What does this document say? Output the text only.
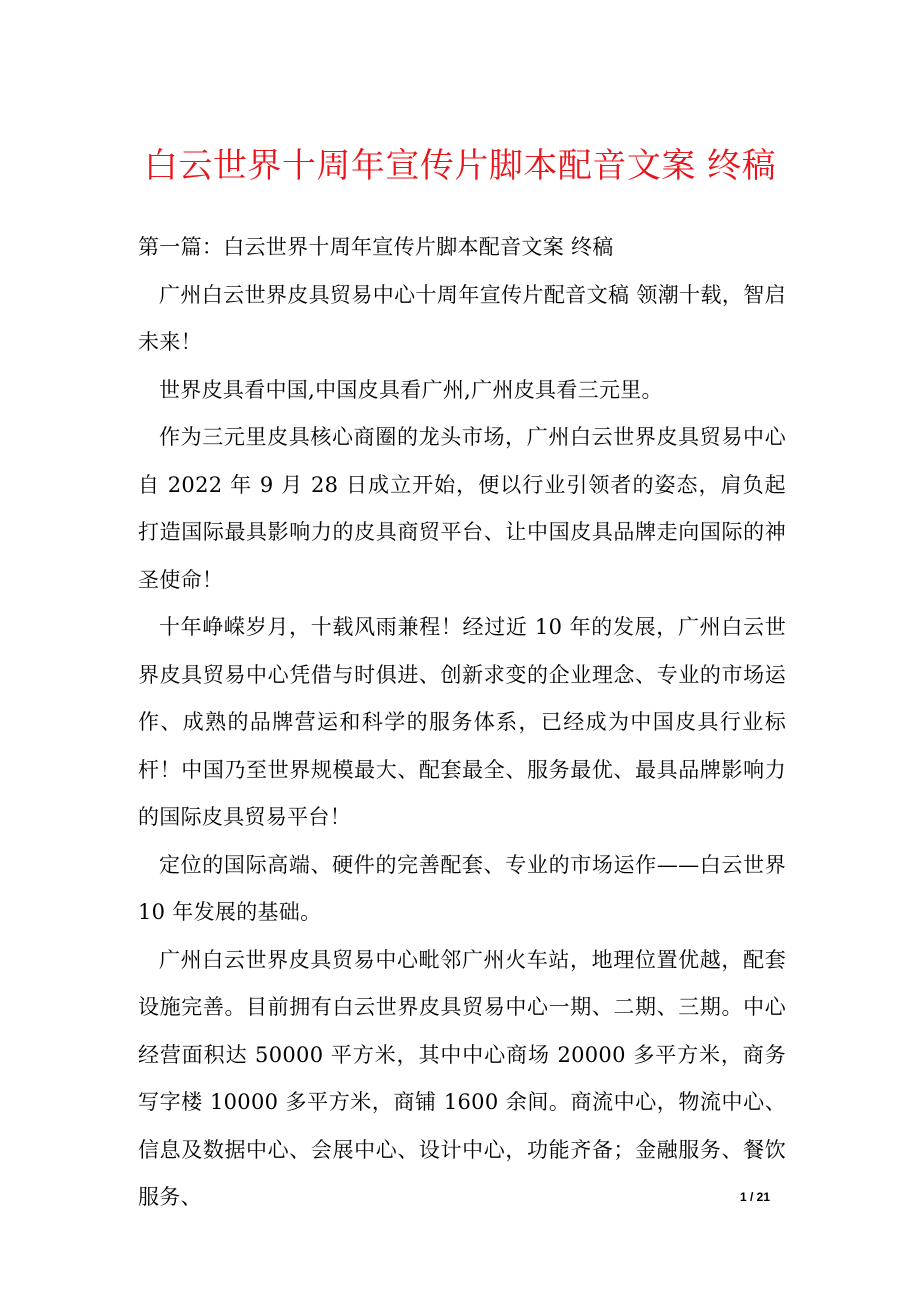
白云世界十周年宣传片脚本配音文案 终稿

第一篇：白云世界十周年宣传片脚本配音文案 终稿

广州白云世界皮具贸易中心十周年宣传片配音文稿 领潮十载，智启未来！

世界皮具看中国,中国皮具看广州,广州皮具看三元里。

作为三元里皮具核心商圈的龙头市场，广州白云世界皮具贸易中心自 2022 年 9 月 28 日成立开始，便以行业引领者的姿态，肩负起打造国际最具影响力的皮具商贸平台、让中国皮具品牌走向国际的神圣使命！

十年峥嵘岁月，十载风雨兼程！经过近 10 年的发展，广州白云世界皮具贸易中心凭借与时俱进、创新求变的企业理念、专业的市场运作、成熟的品牌营运和科学的服务体系，已经成为中国皮具行业标杆！中国乃至世界规模最大、配套最全、服务最优、最具品牌影响力的国际皮具贸易平台！

定位的国际高端、硬件的完善配套、专业的市场运作——白云世界 10 年发展的基础。

广州白云世界皮具贸易中心毗邻广州火车站，地理位置优越，配套设施完善。目前拥有白云世界皮具贸易中心一期、二期、三期。中心经营面积达 50000 平方米，其中中心商场 20000 多平方米，商务写字楼 10000 多平方米，商铺 1600 余间。商流中心，物流中心、信息及数据中心、会展中心、设计中心，功能齐备；金融服务、餐饮服务、	1 / 21
